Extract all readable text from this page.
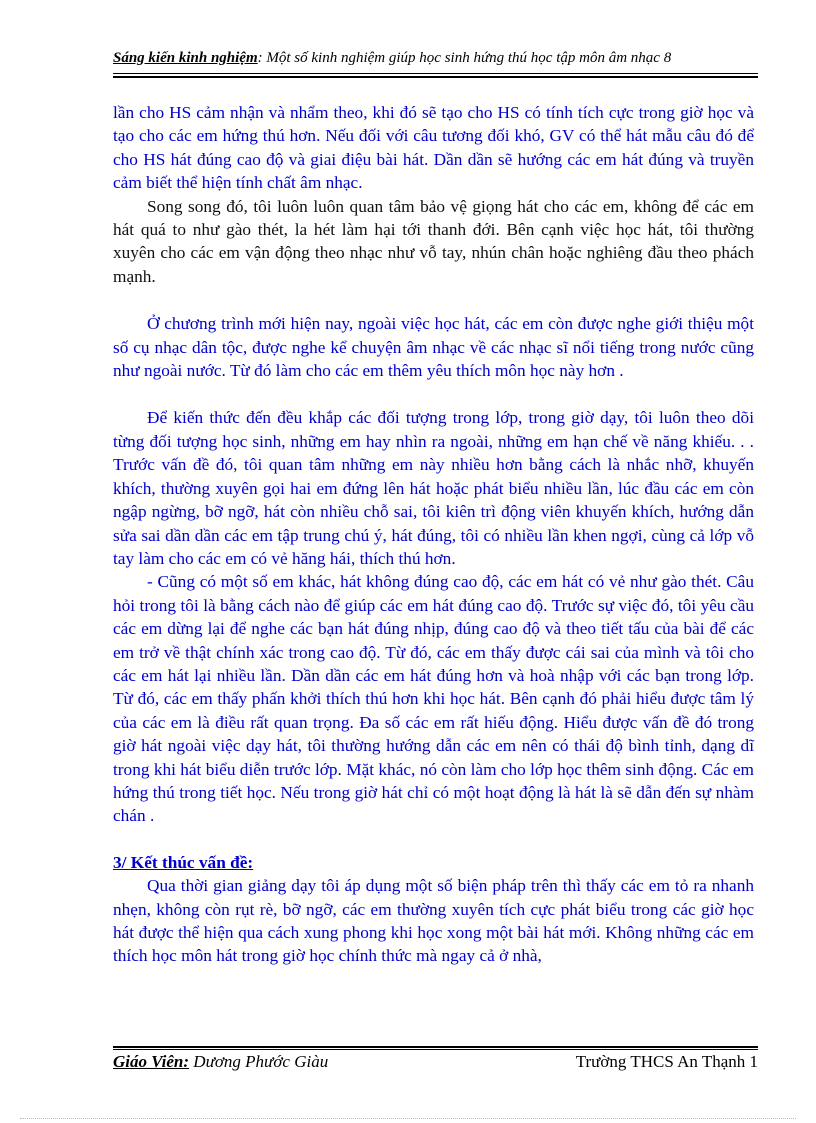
Sáng kiến kinh nghiệm: Một số kinh nghiệm giúp học sinh hứng thú học tập môn âm nhạc 8

lần cho HS cảm nhận và nhẩm theo, khi đó sẽ tạo cho HS có tính tích cực trong giờ học và tạo cho các em hứng thú hơn. Nếu đối với câu tương đối khó, GV có thể hát mẫu câu đó để cho HS hát đúng cao độ và giai điệu bài hát. Dần dần sẽ hướng các em hát đúng và truyền cảm biết thể hiện tính chất âm nhạc.

Song song đó, tôi luôn luôn quan tâm bảo vệ giọng hát cho các em, không để các em hát quá to như gào thét, la hét làm hại tới thanh đới. Bên cạnh việc học hát, tôi thường xuyên cho các em vận động theo nhạc như vỗ tay, nhún chân hoặc nghiêng đầu theo phách mạnh.

Ở chương trình mới hiện nay, ngoài việc học hát, các em còn được nghe giới thiệu một số cụ nhạc dân tộc, được nghe kể chuyện âm nhạc về các nhạc sĩ nổi tiếng trong nước cũng như ngoài nước. Từ đó làm cho các em thêm yêu thích môn học này hơn .

Để kiến thức đến đều khắp các đối tượng trong lớp, trong giờ dạy, tôi luôn theo dõi từng đối tượng học sinh, những em hay nhìn ra ngoài, những em hạn chế về năng khiếu. . . Trước vấn đề đó, tôi quan tâm những em này nhiều hơn bằng cách là nhắc nhỡ, khuyến khích, thường xuyên gọi hai em đứng lên hát hoặc phát biểu nhiều lần, lúc đầu các em còn ngập ngừng, bỡ ngỡ, hát còn nhiều chỗ sai, tôi kiên trì động viên khuyến khích, hướng dẫn sửa sai dần dần các em tập trung chú ý, hát đúng, tôi có nhiều lần khen ngợi, cùng cả lớp vỗ tay làm cho các em có vẻ hăng hái, thích thú hơn.

- Cũng có một số em khác, hát không đúng cao độ, các em hát có vẻ như gào thét. Câu hỏi trong tôi là bằng cách nào để giúp các em hát đúng cao độ. Trước sự việc đó, tôi yêu cầu các em dừng lại để nghe các bạn hát đúng nhịp, đúng cao độ và theo tiết tấu của bài để các em trở về thật chính xác trong cao độ. Từ đó, các em thấy được cái sai của mình và tôi cho các em hát lại nhiều lần. Dần dần các em hát đúng hơn và hoà nhập với các bạn trong lớp. Từ đó, các em thấy phấn khởi thích thú hơn khi học hát. Bên cạnh đó phải hiểu được tâm lý của các em là điều rất quan trọng. Đa số các em rất hiếu động. Hiểu được vấn đề đó trong giờ hát ngoài việc dạy hát, tôi thường hướng dẫn các em nên có thái độ bình tỉnh, dạng dĩ trong khi hát biểu diễn trước lớp. Mặt khác, nó còn làm cho lớp học thêm sinh động. Các em hứng thú trong tiết học. Nếu trong giờ hát chỉ có một hoạt động là hát là sẽ dẫn đến sự nhàm chán .

3/ Kết thúc vấn đề:

Qua thời gian giảng dạy tôi áp dụng một số biện pháp trên thì thấy các em tỏ ra nhanh nhẹn, không còn rụt rè, bỡ ngỡ, các em thường xuyên tích cực phát biểu trong các giờ học hát được thể hiện qua cách xung phong khi học xong một bài hát mới. Không những các em thích học môn hát trong giờ học chính thức mà ngay cả ở nhà,

Giáo Viên: Dương Phước Giàu	Trường THCS An Thạnh 1
